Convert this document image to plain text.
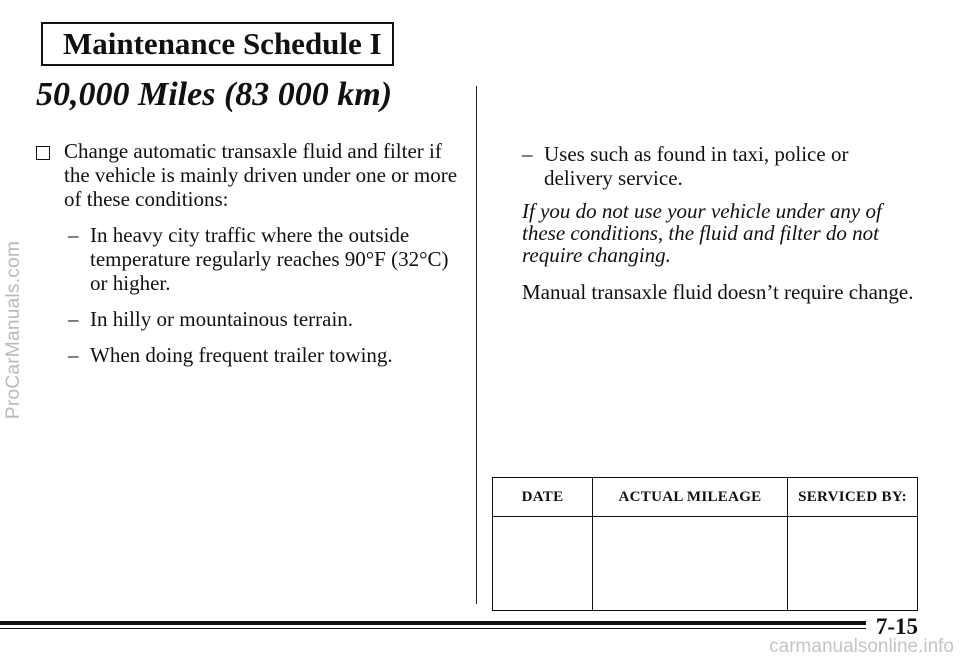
ProCarManuals.com
Maintenance Schedule I
50,000 Miles (83 000 km)
Change automatic transaxle fluid and filter if the vehicle is mainly driven under one or more of these conditions:
– In heavy city traffic where the outside temperature regularly reaches 90°F (32°C) or higher.
– In hilly or mountainous terrain.
– When doing frequent trailer towing.
– Uses such as found in taxi, police or delivery service.
If you do not use your vehicle under any of these conditions, the fluid and filter do not require changing.
Manual transaxle fluid doesn’t require change.
DATE	ACTUAL MILEAGE	SERVICED BY:

7-15
carmanualsonline.info
